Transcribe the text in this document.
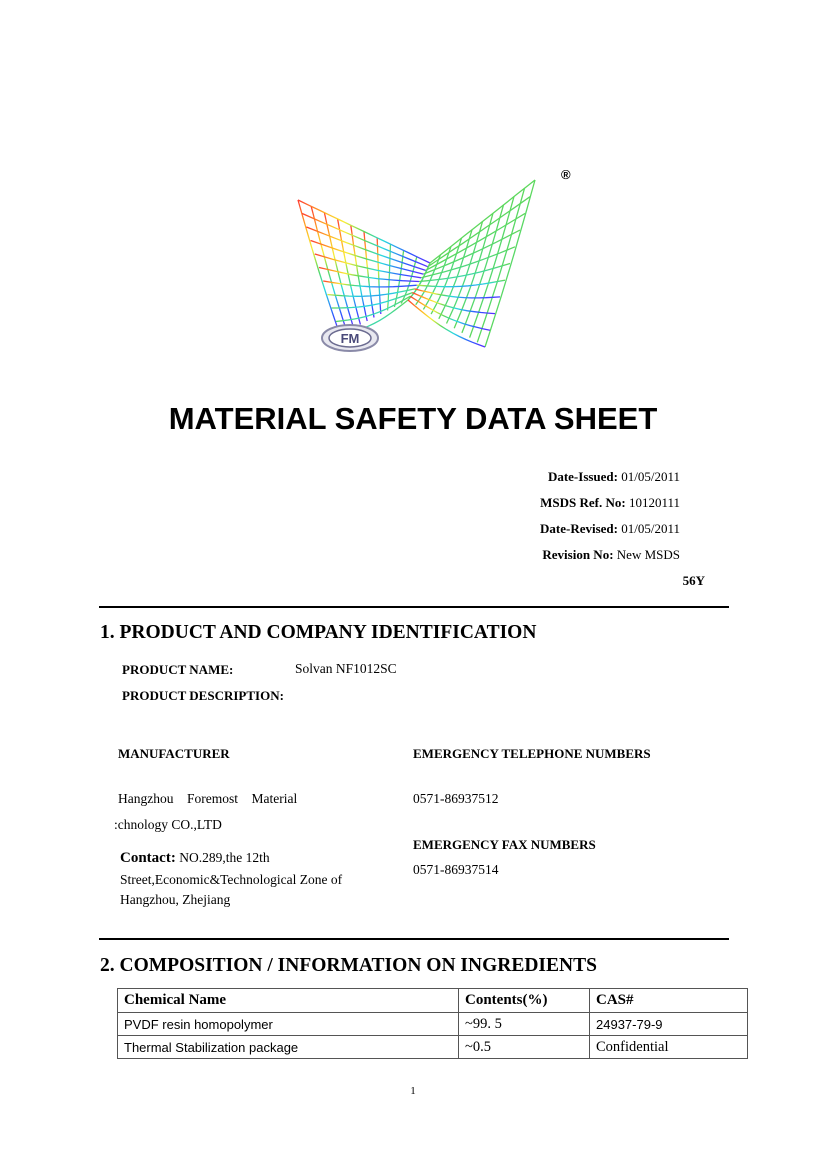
FM
®
MATERIAL SAFETY DATA SHEET
Date-Issued: 01/05/2011
MSDS Ref. No: 10120111
Date-Revised: 01/05/2011
Revision No: New MSDS
56Y
1. PRODUCT AND COMPANY IDENTIFICATION
PRODUCT NAME:	Solvan NF1012SC
PRODUCT DESCRIPTION:
MANUFACTURER	EMERGENCY TELEPHONE NUMBERS
Hangzhou    Foremost    Material	0571-86937512
:chnology CO.,LTD
EMERGENCY FAX NUMBERS
Contact: NO.289,the 12th
0571-86937514
Street,Economic&Technological Zone of
Hangzhou, Zhejiang
2. COMPOSITION / INFORMATION ON INGREDIENTS
Chemical Name	Contents(%)	CAS#
PVDF resin homopolymer	~99. 5	24937-79-9
Thermal Stabilization package	~0.5	Confidential
1
